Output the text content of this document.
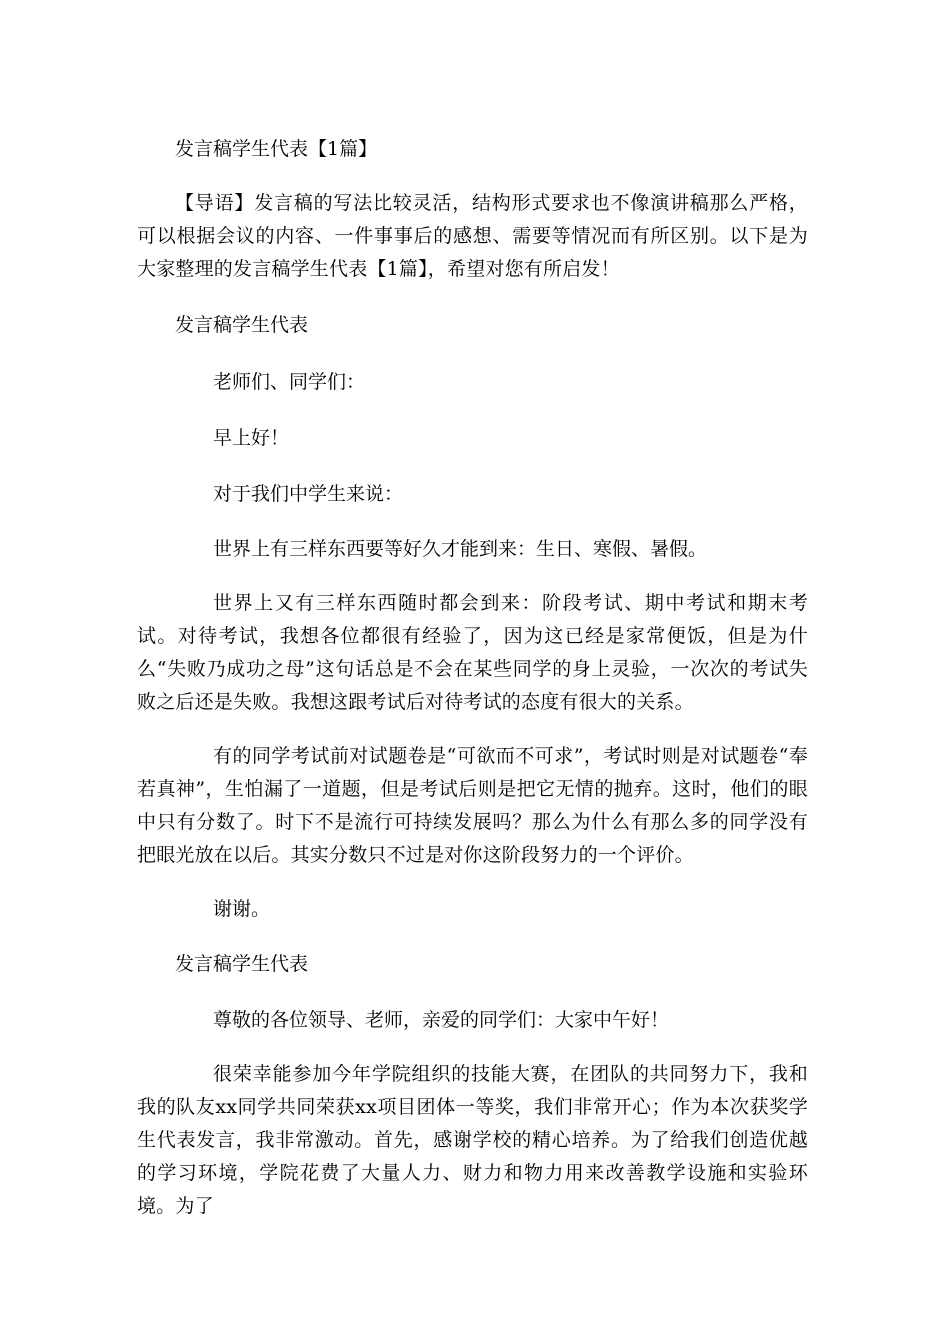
发言稿学生代表【1篇】

【导语】发言稿的写法比较灵活，结构形式要求也不像演讲稿那么严格，可以根据会议的内容、一件事事后的感想、需要等情况而有所区别。以下是为大家整理的发言稿学生代表【1篇】，希望对您有所启发！

发言稿学生代表

老师们、同学们：

早上好！

对于我们中学生来说：

世界上有三样东西要等好久才能到来：生日、寒假、暑假。

世界上又有三样东西随时都会到来：阶段考试、期中考试和期末考试。对待考试，我想各位都很有经验了，因为这已经是家常便饭，但是为什么“失败乃成功之母”这句话总是不会在某些同学的身上灵验，一次次的考试失败之后还是失败。我想这跟考试后对待考试的态度有很大的关系。

有的同学考试前对试题卷是“可欲而不可求”，考试时则是对试题卷“奉若真神”，生怕漏了一道题，但是考试后则是把它无情的抛弃。这时，他们的眼中只有分数了。时下不是流行可持续发展吗？那么为什么有那么多的同学没有把眼光放在以后。其实分数只不过是对你这阶段努力的一个评价。

谢谢。

发言稿学生代表

尊敬的各位领导、老师，亲爱的同学们：大家中午好！

很荣幸能参加今年学院组织的技能大赛，在团队的共同努力下，我和我的队友xx同学共同荣获xx项目团体一等奖，我们非常开心；作为本次获奖学生代表发言，我非常激动。首先，感谢学校的精心培养。为了给我们创造优越的学习环境，学院花费了大量人力、财力和物力用来改善教学设施和实验环境。为了
